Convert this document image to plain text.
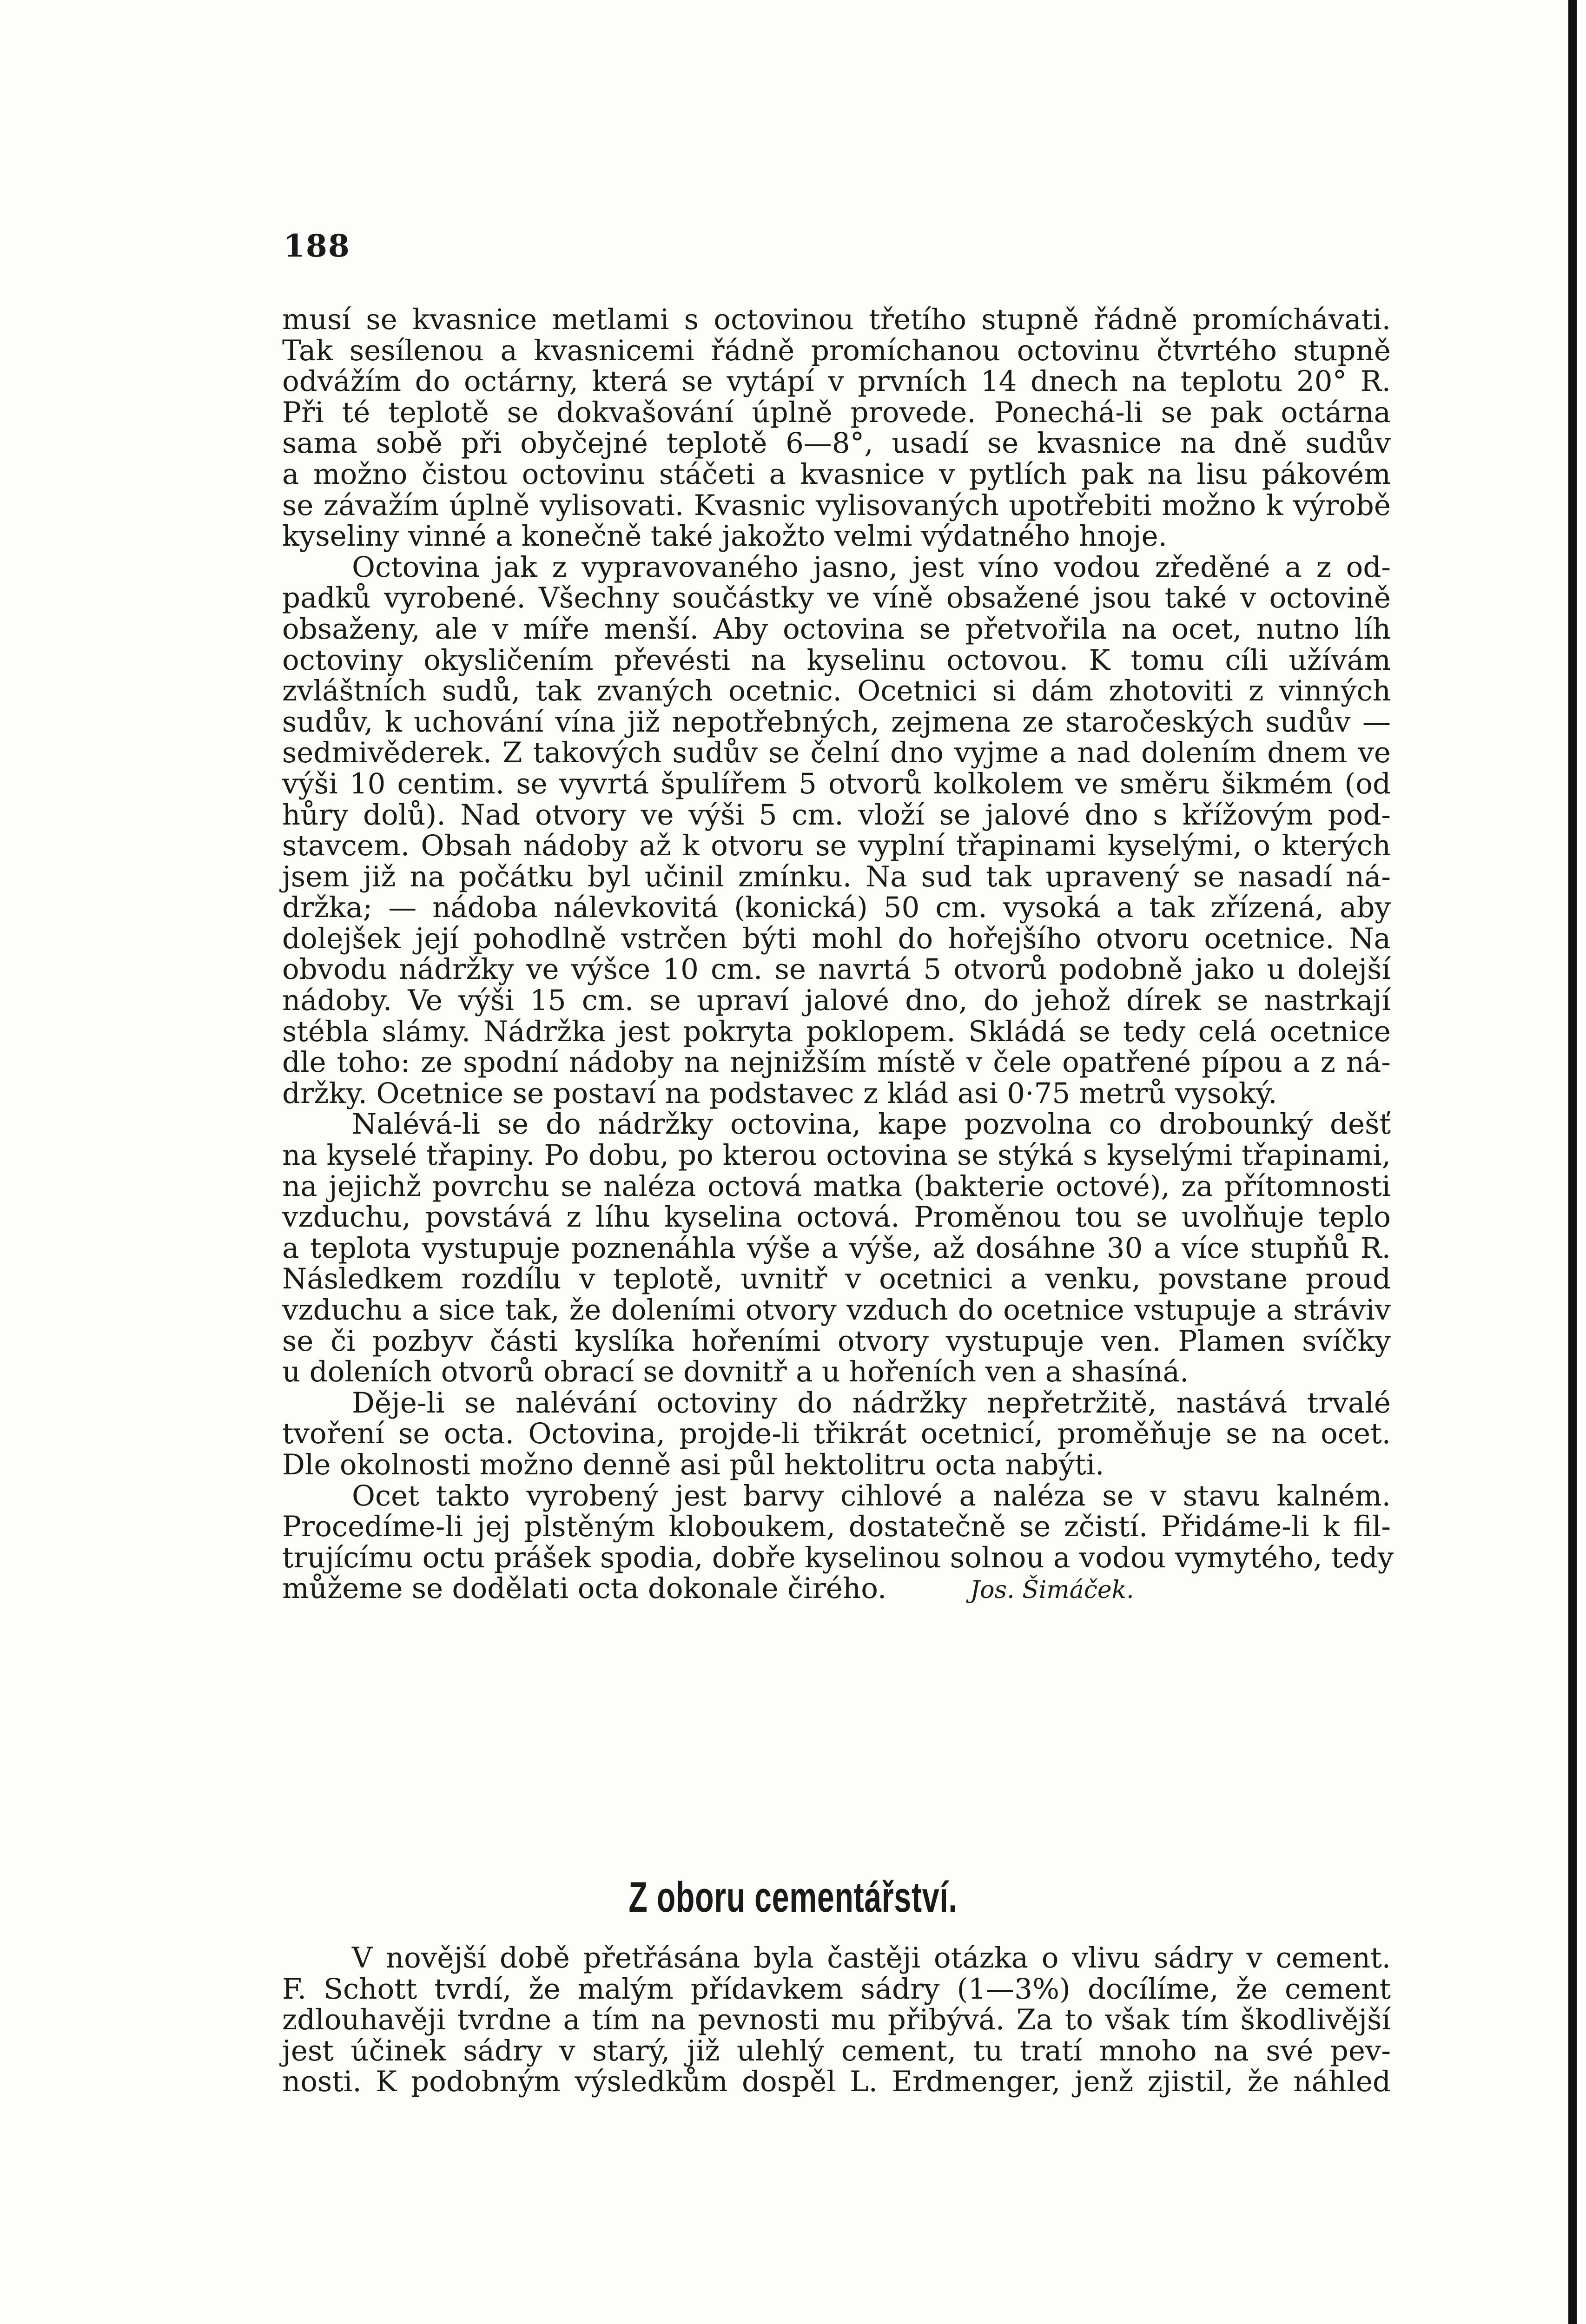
188
musí se kvasnice metlami s octovinou třetího stupně řádně promíchávati.
Tak sesílenou a kvasnicemi řádně promíchanou octovinu čtvrtého stupně
odvážím do octárny, která se vytápí v prvních 14 dnech na teplotu 20° R.
Při té teplotě se dokvašování úplně provede. Ponechá-li se pak octárna
sama sobě při obyčejné teplotě 6—8°, usadí se kvasnice na dně sudův
a možno čistou octovinu stáčeti a kvasnice v pytlích pak na lisu pákovém
se závažím úplně vylisovati. Kvasnic vylisovaných upotřebiti možno k výrobě
kyseliny vinné a konečně také jakožto velmi výdatného hnoje.
Octovina jak z vypravovaného jasno, jest víno vodou zředěné a z od-
padků vyrobené. Všechny součástky ve víně obsažené jsou také v octovině
obsaženy, ale v míře menší. Aby octovina se přetvořila na ocet, nutno líh
octoviny okysličením převésti na kyselinu octovou. K tomu cíli užívám
zvláštních sudů, tak zvaných ocetnic. Ocetnici si dám zhotoviti z vinných
sudův, k uchování vína již nepotřebných, zejmena ze staročeských sudův —
sedmivěderek. Z takových sudův se čelní dno vyjme a nad dolením dnem ve
výši 10 centim. se vyvrtá špulířem 5 otvorů kolkolem ve směru šikmém (od
hůry dolů). Nad otvory ve výši 5 cm. vloží se jalové dno s křížovým pod-
stavcem. Obsah nádoby až k otvoru se vyplní třapinami kyselými, o kterých
jsem již na počátku byl učinil zmínku. Na sud tak upravený se nasadí ná-
držka; — nádoba nálevkovitá (konická) 50 cm. vysoká a tak zřízená, aby
dolejšek její pohodlně vstrčen býti mohl do hořejšího otvoru ocetnice. Na
obvodu nádržky ve výšce 10 cm. se navrtá 5 otvorů podobně jako u dolejší
nádoby. Ve výši 15 cm. se upraví jalové dno, do jehož dírek se nastrkají
stébla slámy. Nádržka jest pokryta poklopem. Skládá se tedy celá ocetnice
dle toho: ze spodní nádoby na nejnižším místě v čele opatřené pípou a z ná-
držky. Ocetnice se postaví na podstavec z klád asi 0·75 metrů vysoký.
Nalévá-li se do nádržky octovina, kape pozvolna co drobounký dešť
na kyselé třapiny. Po dobu, po kterou octovina se stýká s kyselými třapinami,
na jejichž povrchu se naléza octová matka (bakterie octové), za přítomnosti
vzduchu, povstává z líhu kyselina octová. Proměnou tou se uvolňuje teplo
a teplota vystupuje poznenáhla výše a výše, až dosáhne 30 a více stupňů R.
Následkem rozdílu v teplotě, uvnitř v ocetnici a venku, povstane proud
vzduchu a sice tak, že doleními otvory vzduch do ocetnice vstupuje a stráviv
se či pozbyv části kyslíka hořeními otvory vystupuje ven. Plamen svíčky
u doleních otvorů obrací se dovnitř a u hořeních ven a shasíná.
Děje-li se nalévání octoviny do nádržky nepřetržitě, nastává trvalé
tvoření se octa. Octovina, projde-li třikrát ocetnicí, proměňuje se na ocet.
Dle okolnosti možno denně asi půl hektolitru octa nabýti.
Ocet takto vyrobený jest barvy cihlové a naléza se v stavu kalném.
Procedíme-li jej plstěným kloboukem, dostatečně se zčistí. Přidáme-li k fil-
trujícímu octu prášek spodia, dobře kyselinou solnou a vodou vymytého, tedy
můžeme se dodělati octa dokonale čirého.	Jos. Šimáček.
Z oboru cementářství.
V novější době přetřásána byla častěji otázka o vlivu sádry v cement.
F. Schott tvrdí, že malým přídavkem sádry (1—3%) docílíme, že cement
zdlouhavěji tvrdne a tím na pevnosti mu přibývá. Za to však tím škodlivější
jest účinek sádry v starý, již ulehlý cement, tu tratí mnoho na své pev-
nosti. K podobným výsledkům dospěl L. Erdmenger, jenž zjistil, že náhled
